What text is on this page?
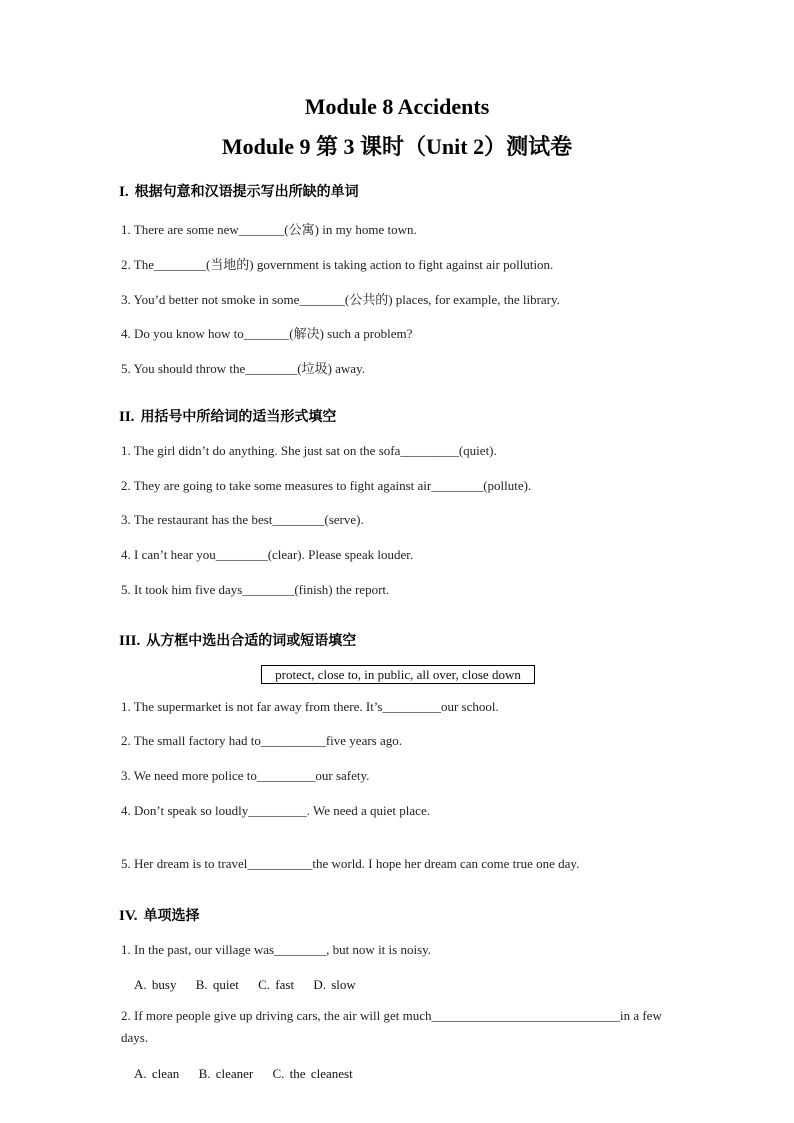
Module 8 Accidents
Module 9 第 3 课时（Unit 2）测试卷
I. 根据句意和汉语提示写出所缺的单词
1. There are some new_______(公寓) in my home town.
2. The________(当地的) government is taking action to fight against air pollution.
3. You’d better not smoke in some_______(公共的) places, for example, the library.
4. Do you know how to_______(解决) such a problem?
5. You should throw the________(垃圾) away.
II. 用括号中所给词的适当形式填空
1. The girl didn’t do anything. She just sat on the sofa_________(quiet).
2. They are going to take some measures to fight against air________(pollute).
3. The restaurant has the best________(serve).
4. I can’t hear you________(clear). Please speak louder.
5. It took him five days________(finish) the report.
III. 从方框中选出合适的词或短语填空
protect, close to, in public, all over, close down
1. The supermarket is not far away from there. It’s_________our school.
2. The small factory had to__________five years ago.
3. We need more police to_________our safety.
4. Don’t speak so loudly_________. We need a quiet place.
5. Her dream is to travel__________the world. I hope her dream can come true one day.
IV. 单项选择
1. In the past, our village was________, but now it is noisy.
A. busy B. quiet C. fast D. slow
2. If more people give up driving cars, the air will get much_____________________________in a few days.
A. clean B. cleaner C. the cleanest
